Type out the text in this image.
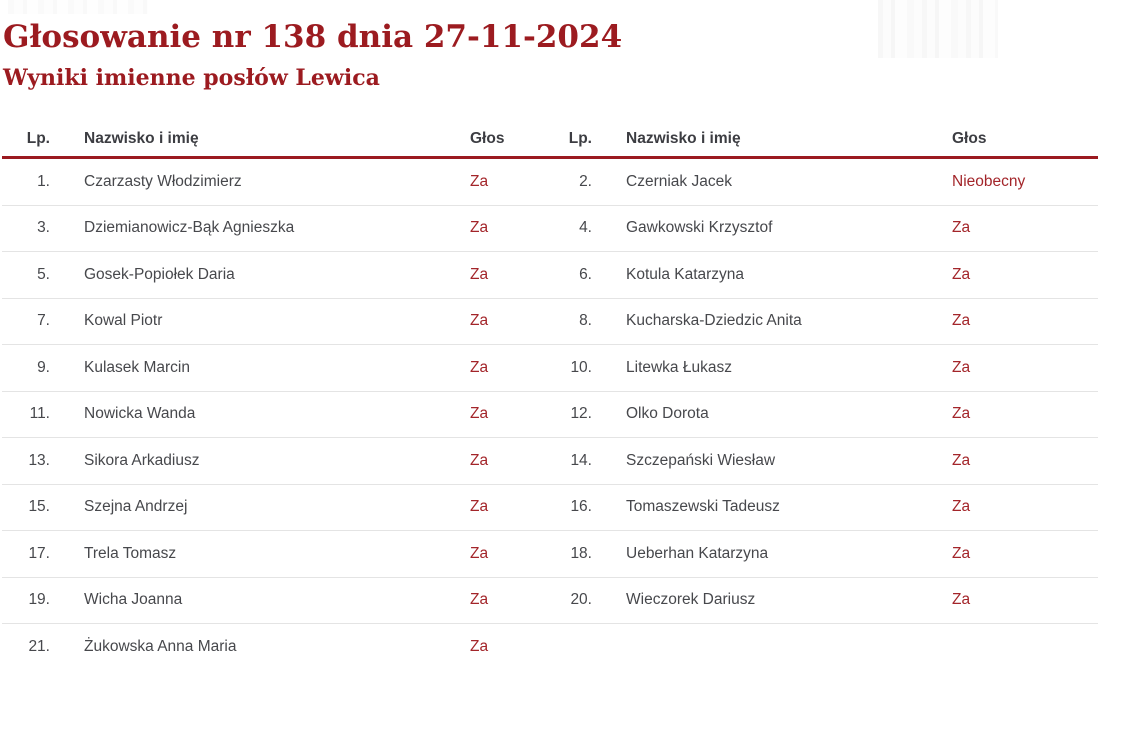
Głosowanie nr 138 dnia 27-11-2024
Wyniki imienne posłów Lewica
Lp.	Nazwisko i imię	Głos	Lp.	Nazwisko i imię	Głos
1.	Czarzasty Włodzimierz	Za	2.	Czerniak Jacek	Nieobecny
3.	Dziemianowicz-Bąk Agnieszka	Za	4.	Gawkowski Krzysztof	Za
5.	Gosek-Popiołek Daria	Za	6.	Kotula Katarzyna	Za
7.	Kowal Piotr	Za	8.	Kucharska-Dziedzic Anita	Za
9.	Kulasek Marcin	Za	10.	Litewka Łukasz	Za
11.	Nowicka Wanda	Za	12.	Olko Dorota	Za
13.	Sikora Arkadiusz	Za	14.	Szczepański Wiesław	Za
15.	Szejna Andrzej	Za	16.	Tomaszewski Tadeusz	Za
17.	Trela Tomasz	Za	18.	Ueberhan Katarzyna	Za
19.	Wicha Joanna	Za	20.	Wieczorek Dariusz	Za
21.	Żukowska Anna Maria	Za
